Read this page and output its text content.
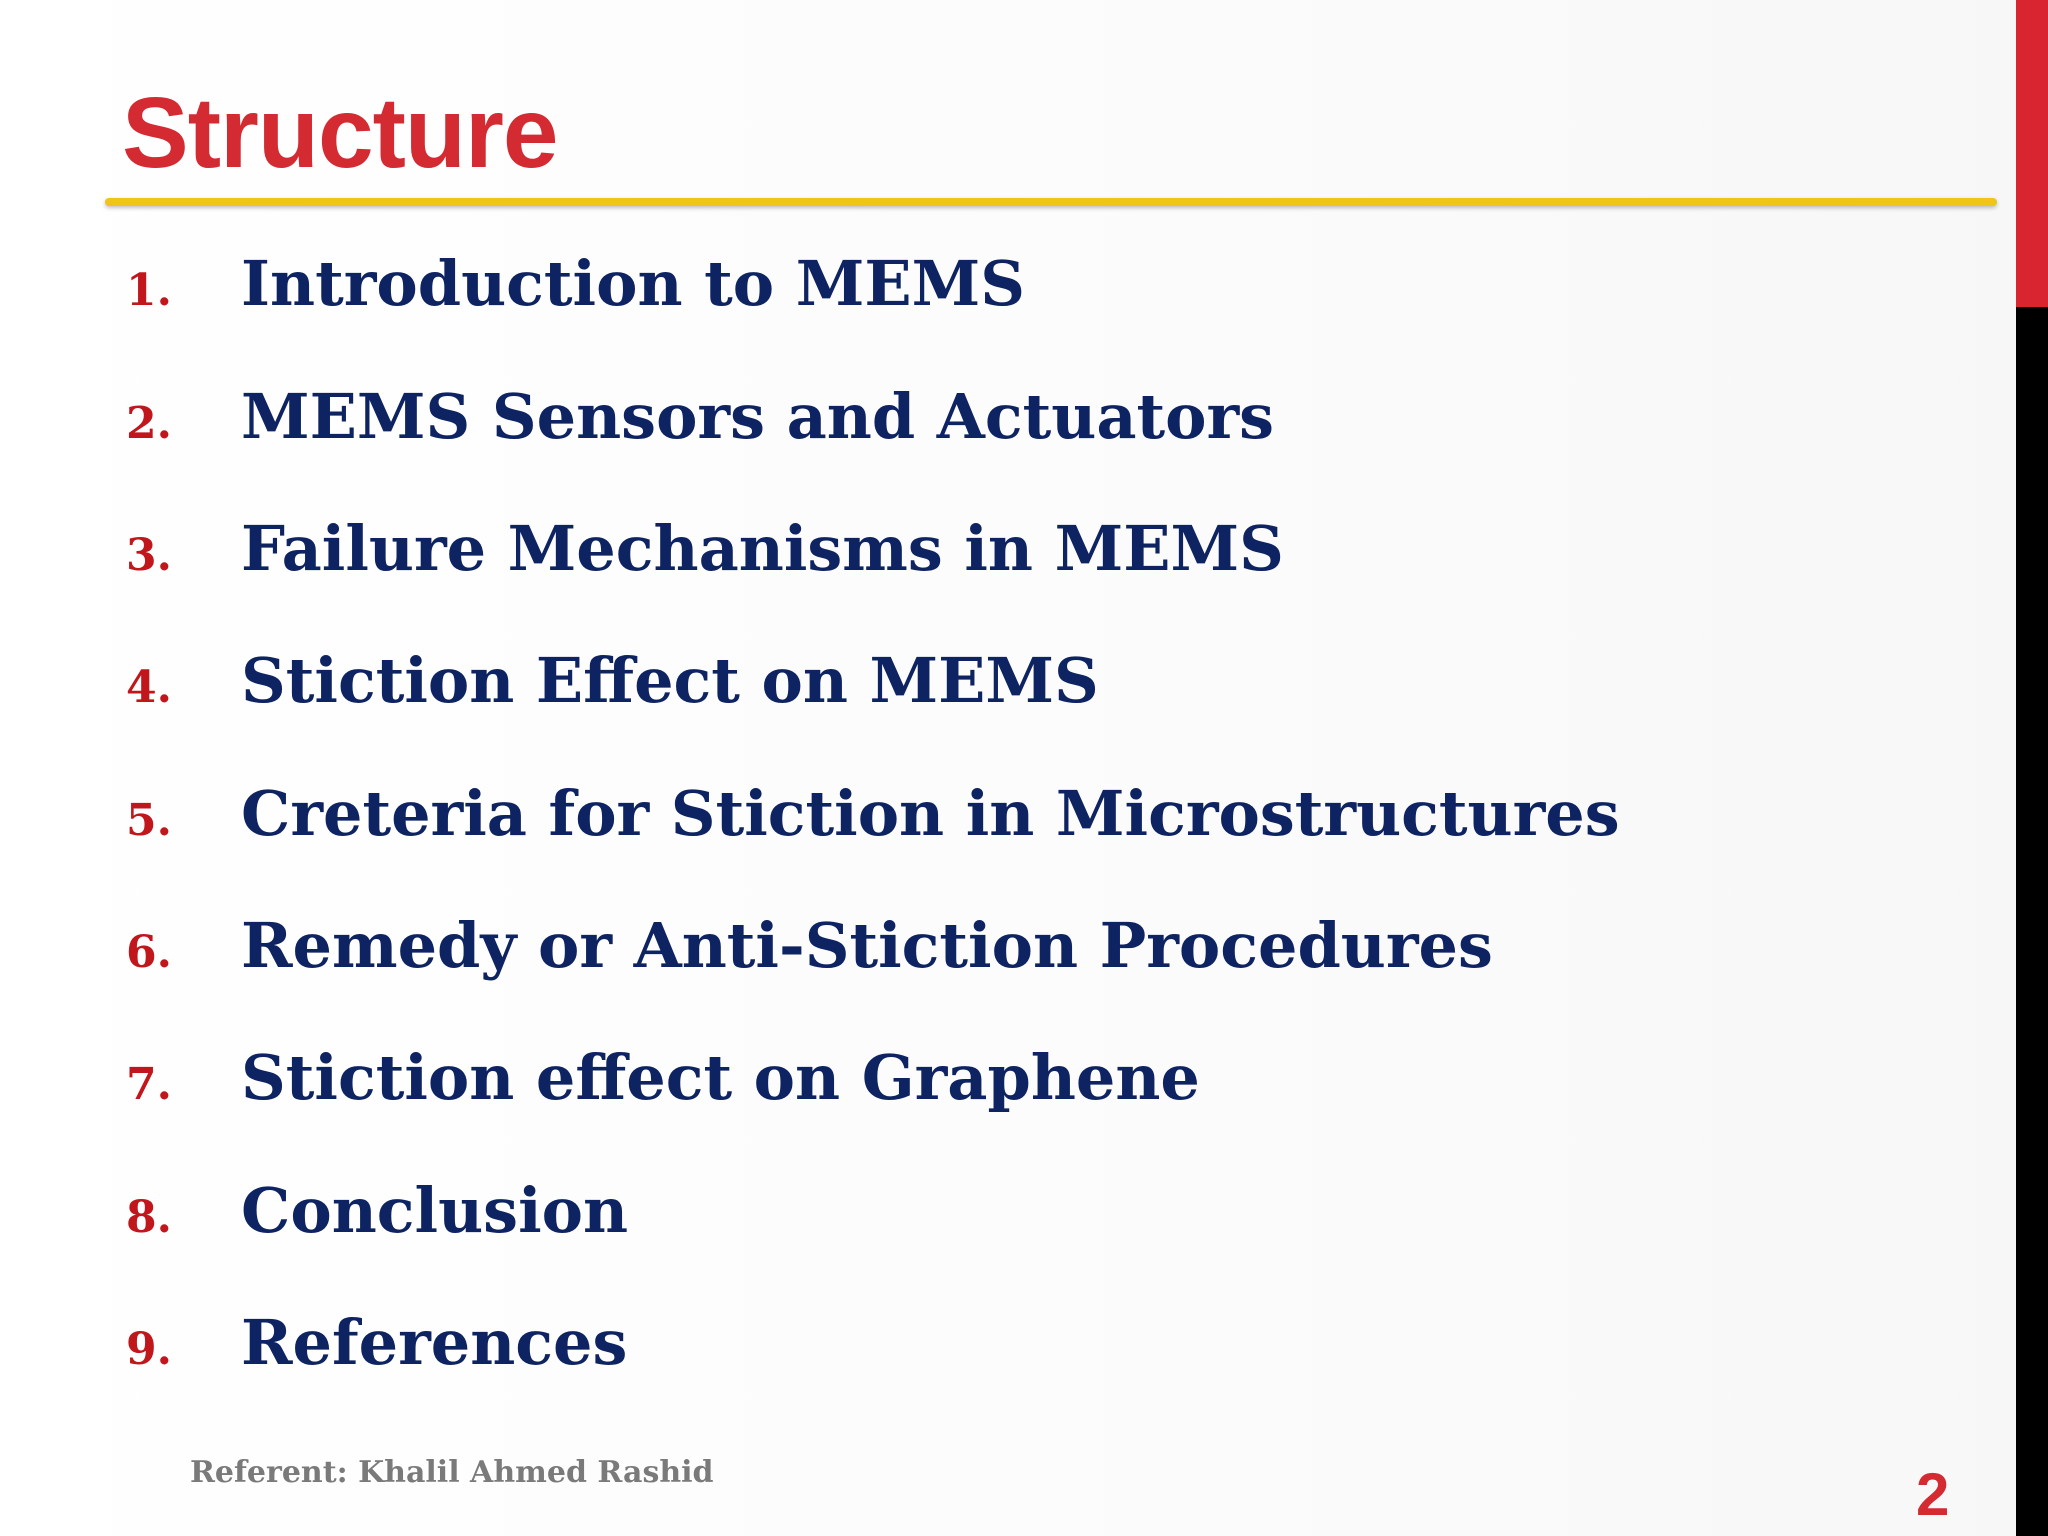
Structure
1. Introduction to MEMS
2. MEMS Sensors and Actuators
3. Failure Mechanisms in MEMS
4. Stiction Effect on MEMS
5. Creteria for Stiction in Microstructures
6. Remedy or Anti-Stiction Procedures
7. Stiction effect on Graphene
8. Conclusion
9. References
Referent: Khalil Ahmed Rashid	2
